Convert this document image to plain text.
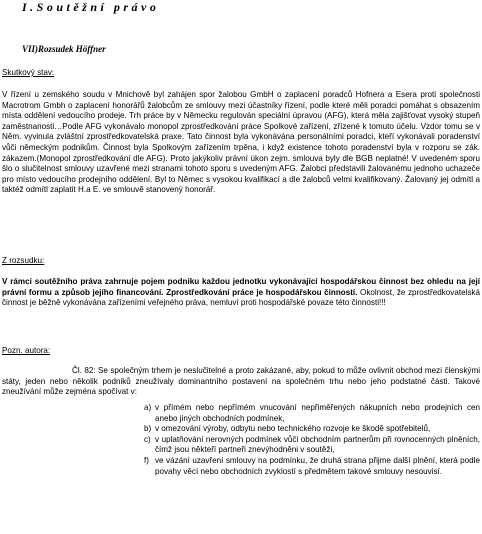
I.Soutěžní právo
VII)Rozsudek Höffner
Skutkový stav:
V řízení u zemského soudu v Mnichově byl zahájen spor žalobou GmbH o zaplacení poradců Hofnera a Esera proti společnosti Macrotrom Gmbh o zaplacení honorářů žalobcům ze smlouvy mezi účastníky řízení, podle které měli poradci pomáhat s obsazením místa oddělení vedoucího prodeje. Trh práce by v Německu regulován speciální úpravou (AFG), která měla zajišťovat vysoký stupeň zaměstnanosti…Podle AFG vykonávalo monopol zprostředkování práce Spolkové zařízení, zřízené k tomuto účelu. Vzdor tomu se v Něm. vyvinula zvláštní zprostředkovatelská praxe. Tato činnost byla vykonávána personálními poradci, kteří vykonávali poradenství vůči německým podnikům. Činnost byla Spolkovým zařízením trpěna, i když existence tohoto poradenství byla v rozporu se zák. zákazem.(Monopol zprostředkování dle AFG). Proto jakýkoliv právní úkon zejm. smlouva byly dle BGB neplatné! V uvedeném sporu šlo o slučitelnost smlouvy uzavřené mezi stranami tohoto sporu s uvedeným AFG. Žalobci představili žalovanému jednoho uchazeče pro místo vedoucího prodejního oddělení. Byl to Němec s vysokou kvalifikací a dle žalobců velmi kvalifikovaný. Žalovaný jej odmítl a taktéž odmítl zaplatit H.a E. ve smlouvě stanovený honorář.
Z rozsudku:
V rámci soutěžního práva zahrnuje pojem podniku každou jednotku vykonávající hospodářskou činnost bez ohledu na její právní formu a způsob jejího financování. Zprostředkování práce je hospodářskou činností. Okolnost, že zprostředkovatelská činnost je běžně vykonávána zařízeními veřejného práva, nemluví proti hospodářské povaze této činnosti!!!
Pozn. autora:
Čl. 82: Se společným trhem je neslučitelné a proto zakázané, aby, pokud to může ovlivnit obchod mezi členskými státy, jeden nebo několik podniků zneužívaly dominantního postavení na společném trhu nebo jeho podstatné části. Takové zneužívání může zejména spočívat v:
a) v přímém nebo nepřímém vnucování nepřiměřených nákupních nebo prodejních cen anebo jiných obchodních podmínek,
b) v omezování výroby, odbytu nebo technického rozvoje ke škodě spotřebitelů,
c) v uplatňování nerovných podmínek vůči obchodním partnerům při rovnocenných plněních, čímž jsou někteří partneři znevýhodněni v soutěži,
f) ve vázání uzavření smlouvy na podmínku, že druhá strana přijme další plnění, která podle povahy věcí nebo obchodních zvyklostí s předmětem takové smlouvy nesouvisí.
